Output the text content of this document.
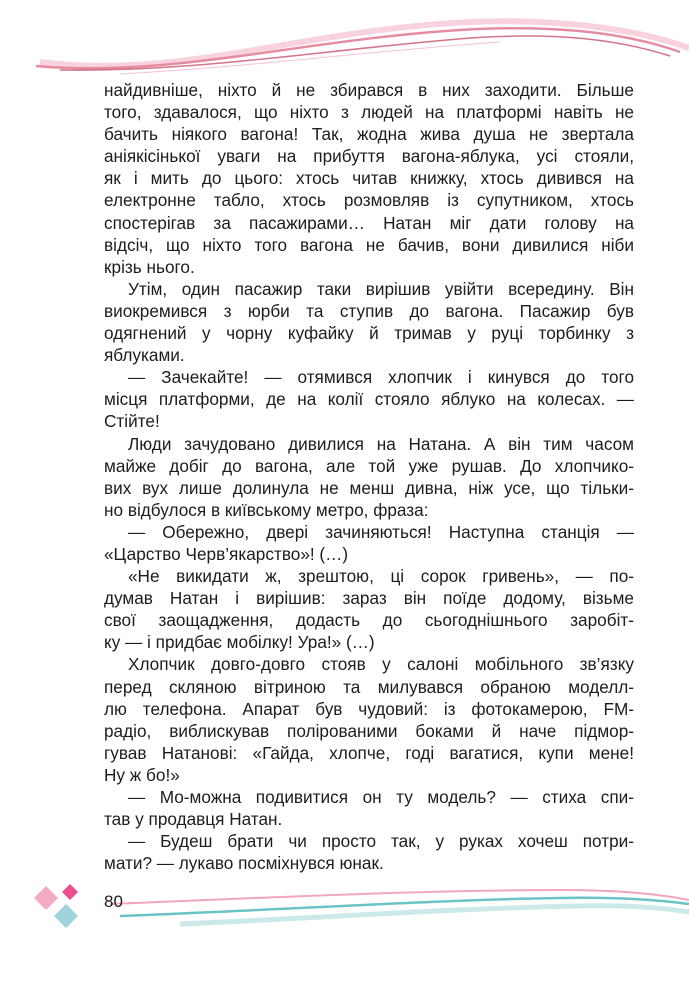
найдивніше, ніхто й не збирався в них заходити. Більше
того, здавалося, що ніхто з людей на платформі навіть не
бачить ніякого вагона! Так, жодна жива душа не звертала
аніякісінької уваги на прибуття вагона-яблука, усі стояли,
як і мить до цього: хтось читав книжку, хтось дивився на
електронне табло, хтось розмовляв із супутником, хтось
спостерігав за пасажирами… Натан міг дати голову на
відсіч, що ніхто того вагона не бачив, вони дивилися ніби
крізь нього.
Утім, один пасажир таки вирішив увійти всередину. Він
виокремився з юрби та ступив до вагона. Пасажир був
одягнений у чорну куфайку й тримав у руці торбинку з
яблуками.
— Зачекайте! — отямився хлопчик і кинувся до того
місця платформи, де на колії стояло яблуко на колесах. —
Стійте!
Люди зачудовано дивилися на Натана. А він тим часом
майже добіг до вагона, але той уже рушав. До хлопчико-
вих вух лише долинула не менш дивна, ніж усе, що тільки-
но відбулося в київському метро, фраза:
— Обережно, двері зачиняються! Наступна станція —
«Царство Черв’якарство»! (…)
«Не викидати ж, зрештою, ці сорок гривень», — по-
думав Натан і вирішив: зараз він поїде додому, візьме
свої заощадження, додасть до сьогоднішнього заробіт-
ку — і придбає мобілку! Ура!» (…)
Хлопчик довго-довго стояв у салоні мобільного зв’язку
перед скляною вітриною та милувався обраною моделл-
лю телефона. Апарат був чудовий: із фотокамерою, FM-
радіо, виблискував полірованими боками й наче підмор-
гував Натанові: «Гайда, хлопче, годі вагатися, купи мене!
Ну ж бо!»
— Мо-можна подивитися он ту модель? — стиха спи-
тав у продавця Натан.
— Будеш брати чи просто так, у руках хочеш потри-
мати? — лукаво посміхнувся юнак.
80
